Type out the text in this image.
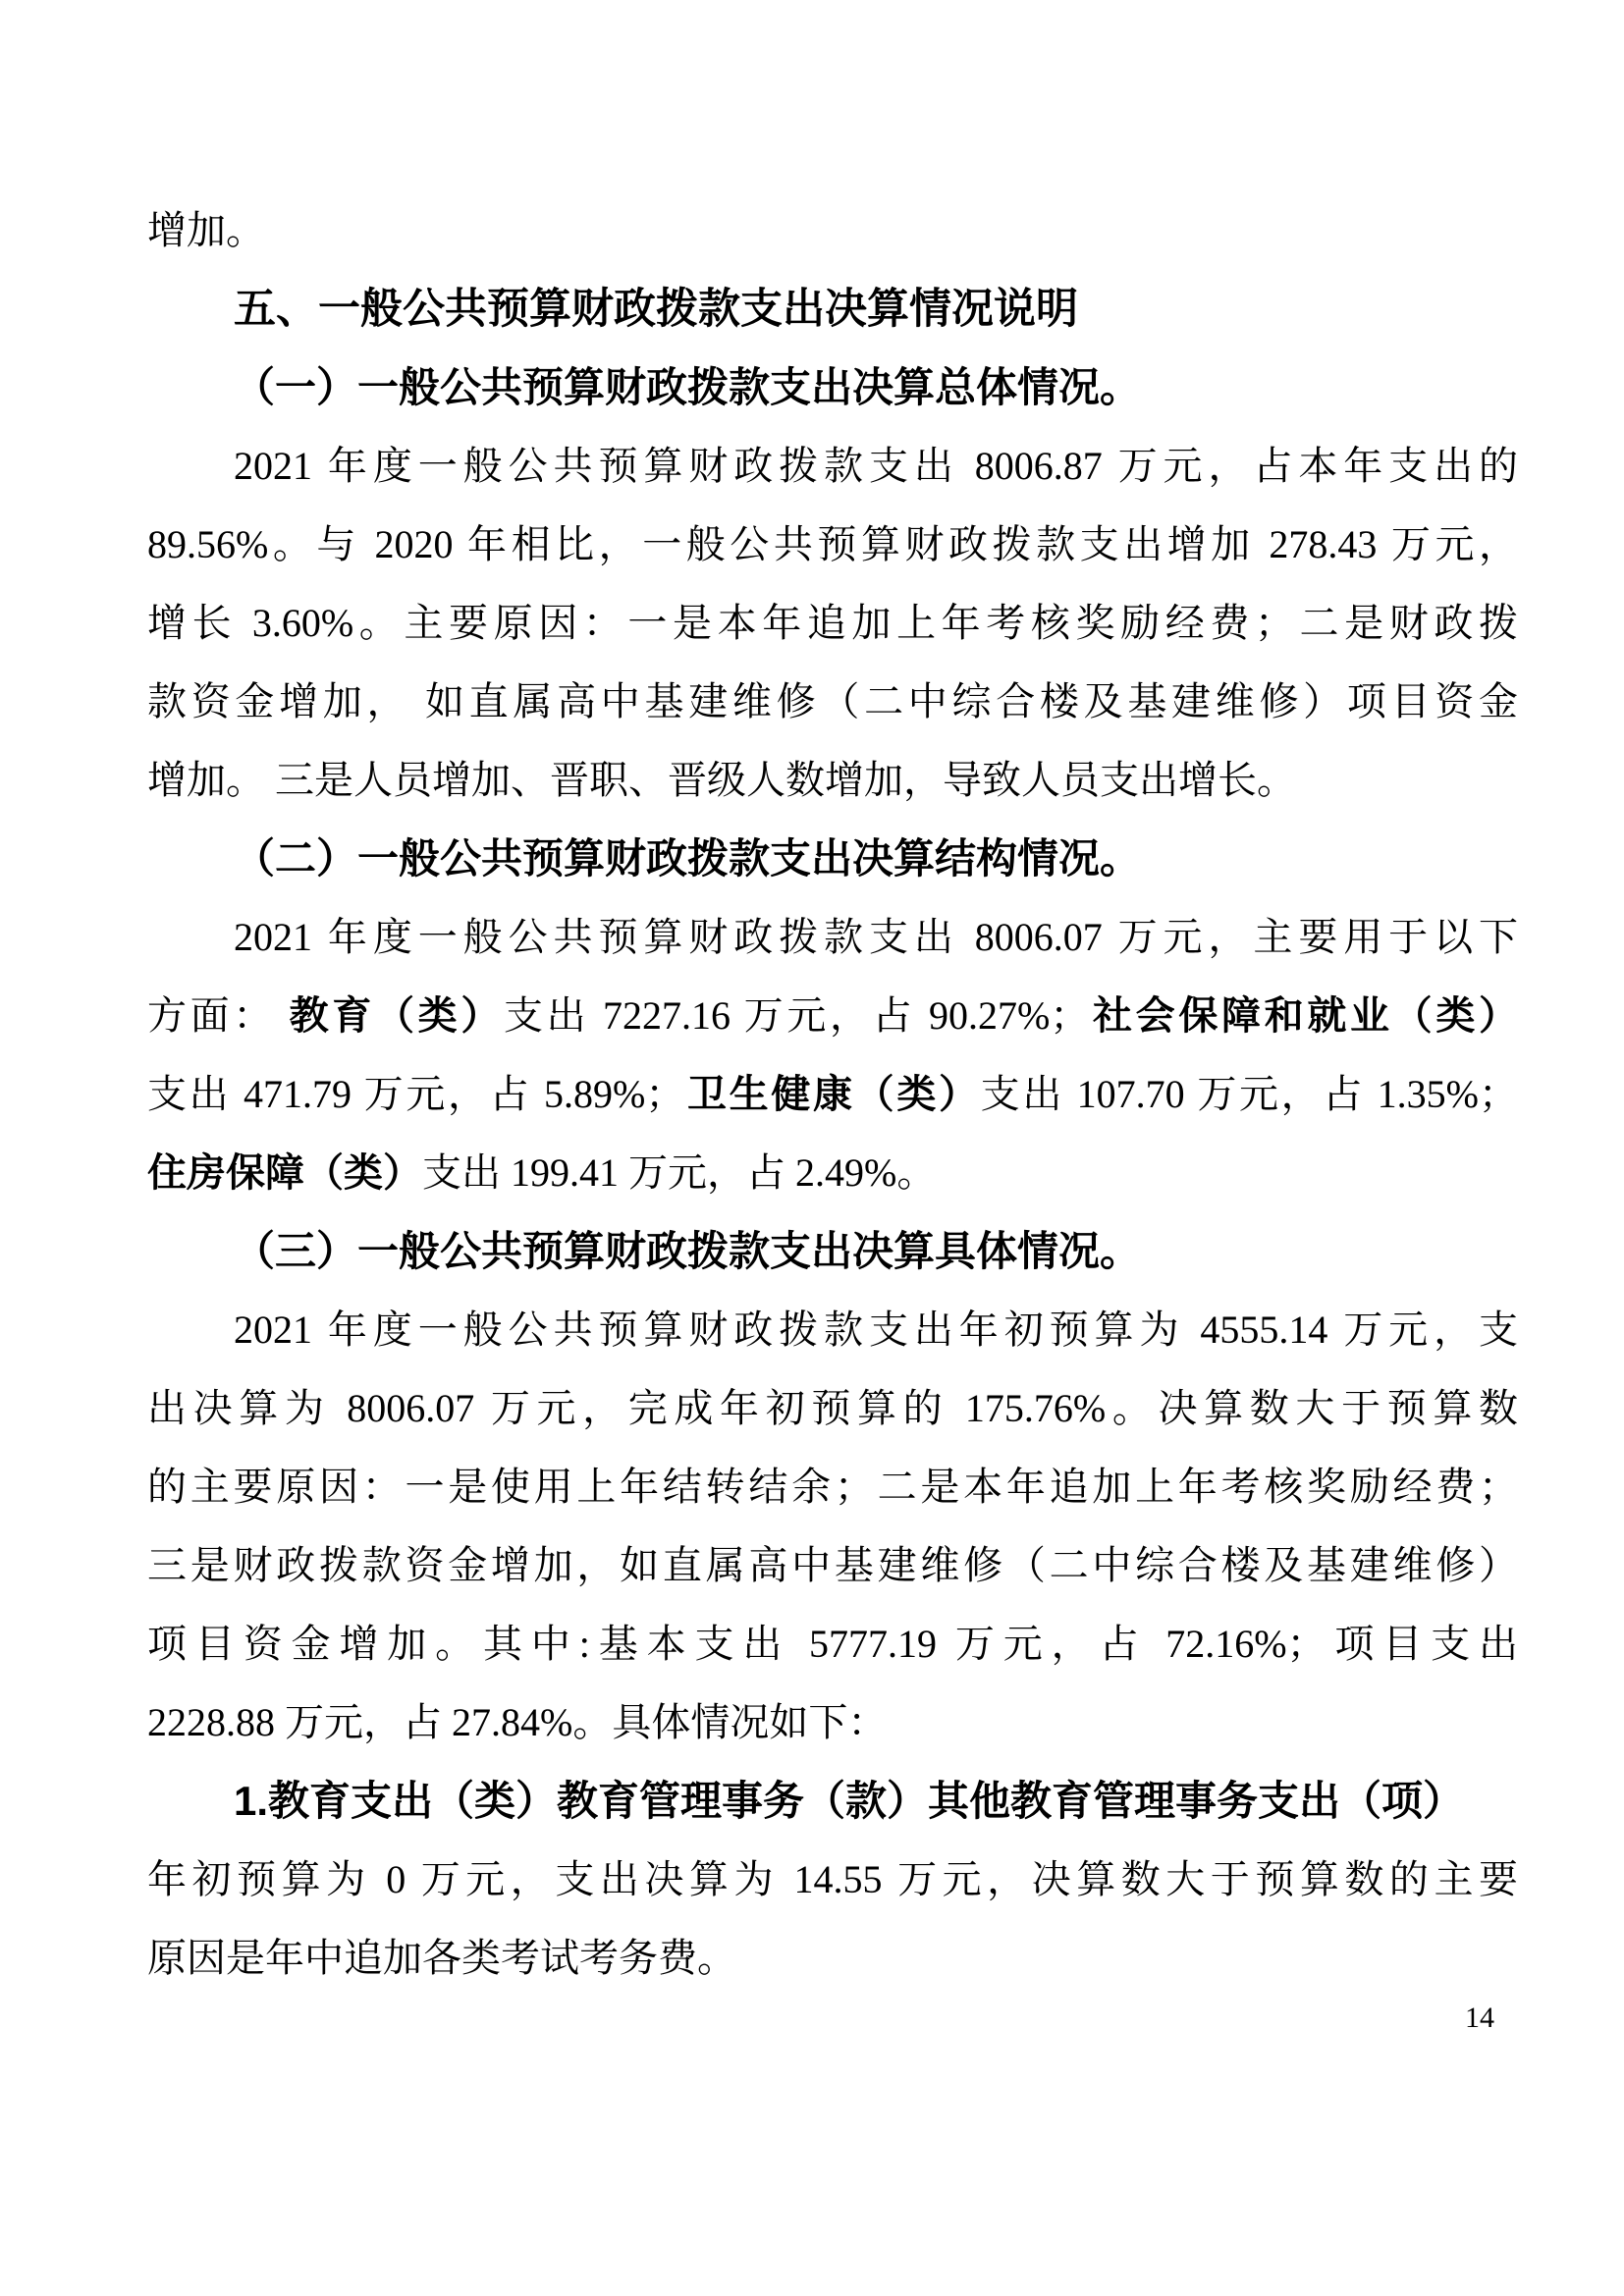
增加。
五、一般公共预算财政拨款支出决算情况说明
（一）一般公共预算财政拨款支出决算总体情况。
2021 年度一般公共预算财政拨款支出 8006.87 万元，占本年支出的
89.56%。与 2020 年相比，一般公共预算财政拨款支出增加 278.43 万元，
增长 3.60%。主要原因：一是本年追加上年考核奖励经费；二是财政拨
款资金增加， 如直属高中基建维修（二中综合楼及基建维修）项目资金
增加。 三是人员增加、晋职、晋级人数增加，导致人员支出增长。
（二）一般公共预算财政拨款支出决算结构情况。
2021 年度一般公共预算财政拨款支出 8006.07 万元，主要用于以下
方面： 教育（类）支出 7227.16 万元，占 90.27%；社会保障和就业（类）
支出 471.79 万元，占 5.89%；卫生健康（类）支出 107.70 万元，占 1.35%；
住房保障（类）支出 199.41 万元，占 2.49%。
（三）一般公共预算财政拨款支出决算具体情况。
2021 年度一般公共预算财政拨款支出年初预算为 4555.14 万元，支
出决算为 8006.07 万元，完成年初预算的 175.76%。决算数大于预算数
的主要原因：一是使用上年结转结余；二是本年追加上年考核奖励经费；
三是财政拨款资金增加，如直属高中基建维修（二中综合楼及基建维修）
项目资金增加。其中:基本支出 5777.19 万元，占 72.16%；项目支出
2228.88 万元，占 27.84%。具体情况如下：
1.教育支出（类）教育管理事务（款）其他教育管理事务支出（项）
年初预算为 0 万元，支出决算为 14.55 万元，决算数大于预算数的主要
原因是年中追加各类考试考务费。
14
